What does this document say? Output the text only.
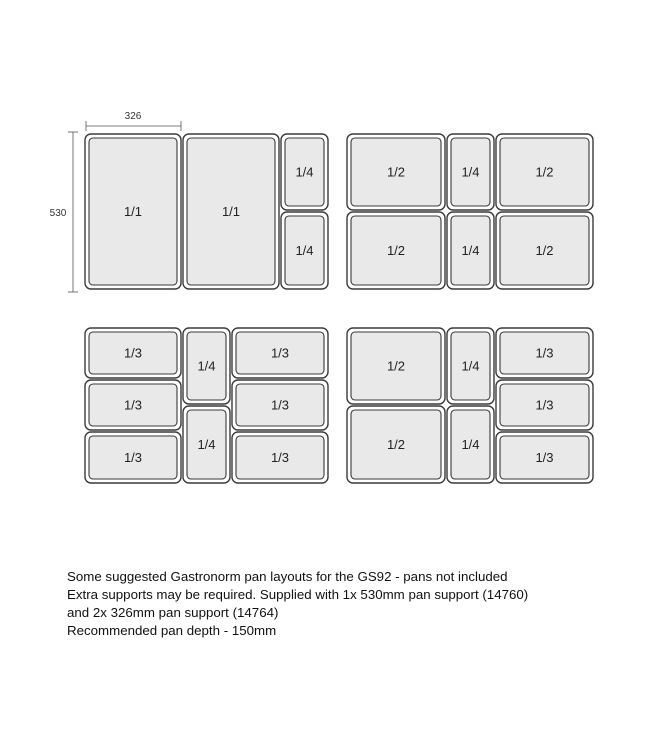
326
530	1/1	1/1
1/4
1/4
1/2
1/2
1/4
1/4
1/2
1/2
1/3
1/3
1/3
1/4
1/4
1/3
1/3
1/3
1/2
1/2
1/4
1/4
1/3
1/3
1/3
Some suggested Gastronorm pan layouts for the GS92 - pans not included
Extra supports may be required. Supplied with 1x 530mm pan support (14760)
and 2x 326mm pan support (14764)
Recommended pan depth - 150mm
